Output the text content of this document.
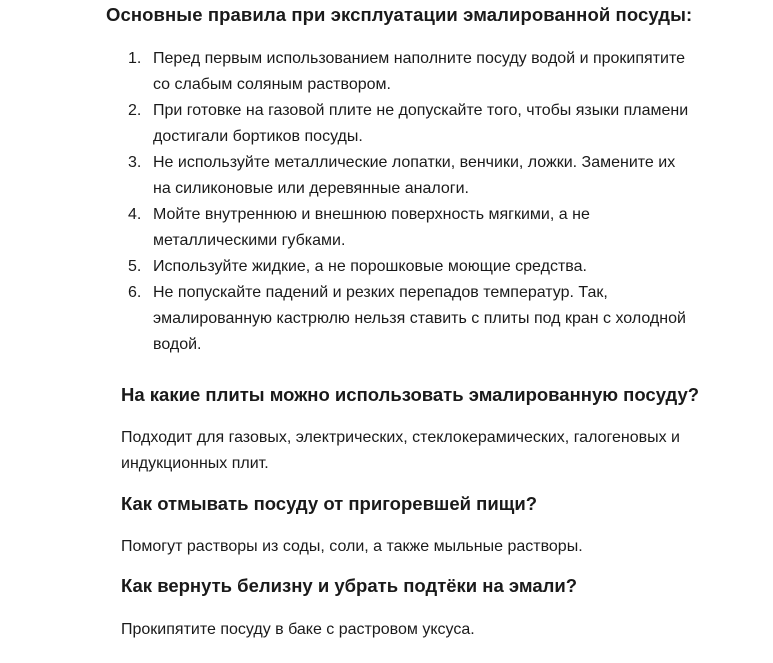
Основные правила при эксплуатации эмалированной посуды:
1. Перед первым использованием наполните посуду водой и прокипятите
со слабым соляным раствором.
2. При готовке на газовой плите не допускайте того, чтобы языки пламени
достигали бортиков посуды.
3. Не используйте металлические лопатки, венчики, ложки. Замените их
на силиконовые или деревянные аналоги.
4. Мойте внутреннюю и внешнюю поверхность мягкими, а не
металлическими губками.
5. Используйте жидкие, а не порошковые моющие средства.
6. Не попускайте падений и резких перепадов температур. Так,
эмалированную кастрюлю нельзя ставить с плиты под кран с холодной
водой.
На какие плиты можно использовать эмалированную посуду?
Подходит для газовых, электрических, стеклокерамических, галогеновых и
индукционных плит.
Как отмывать посуду от пригоревшей пищи?
Помогут растворы из соды, соли, а также мыльные растворы.
Как вернуть белизну и убрать подтёки на эмали?
Прокипятите посуду в баке с растровом уксуса.
